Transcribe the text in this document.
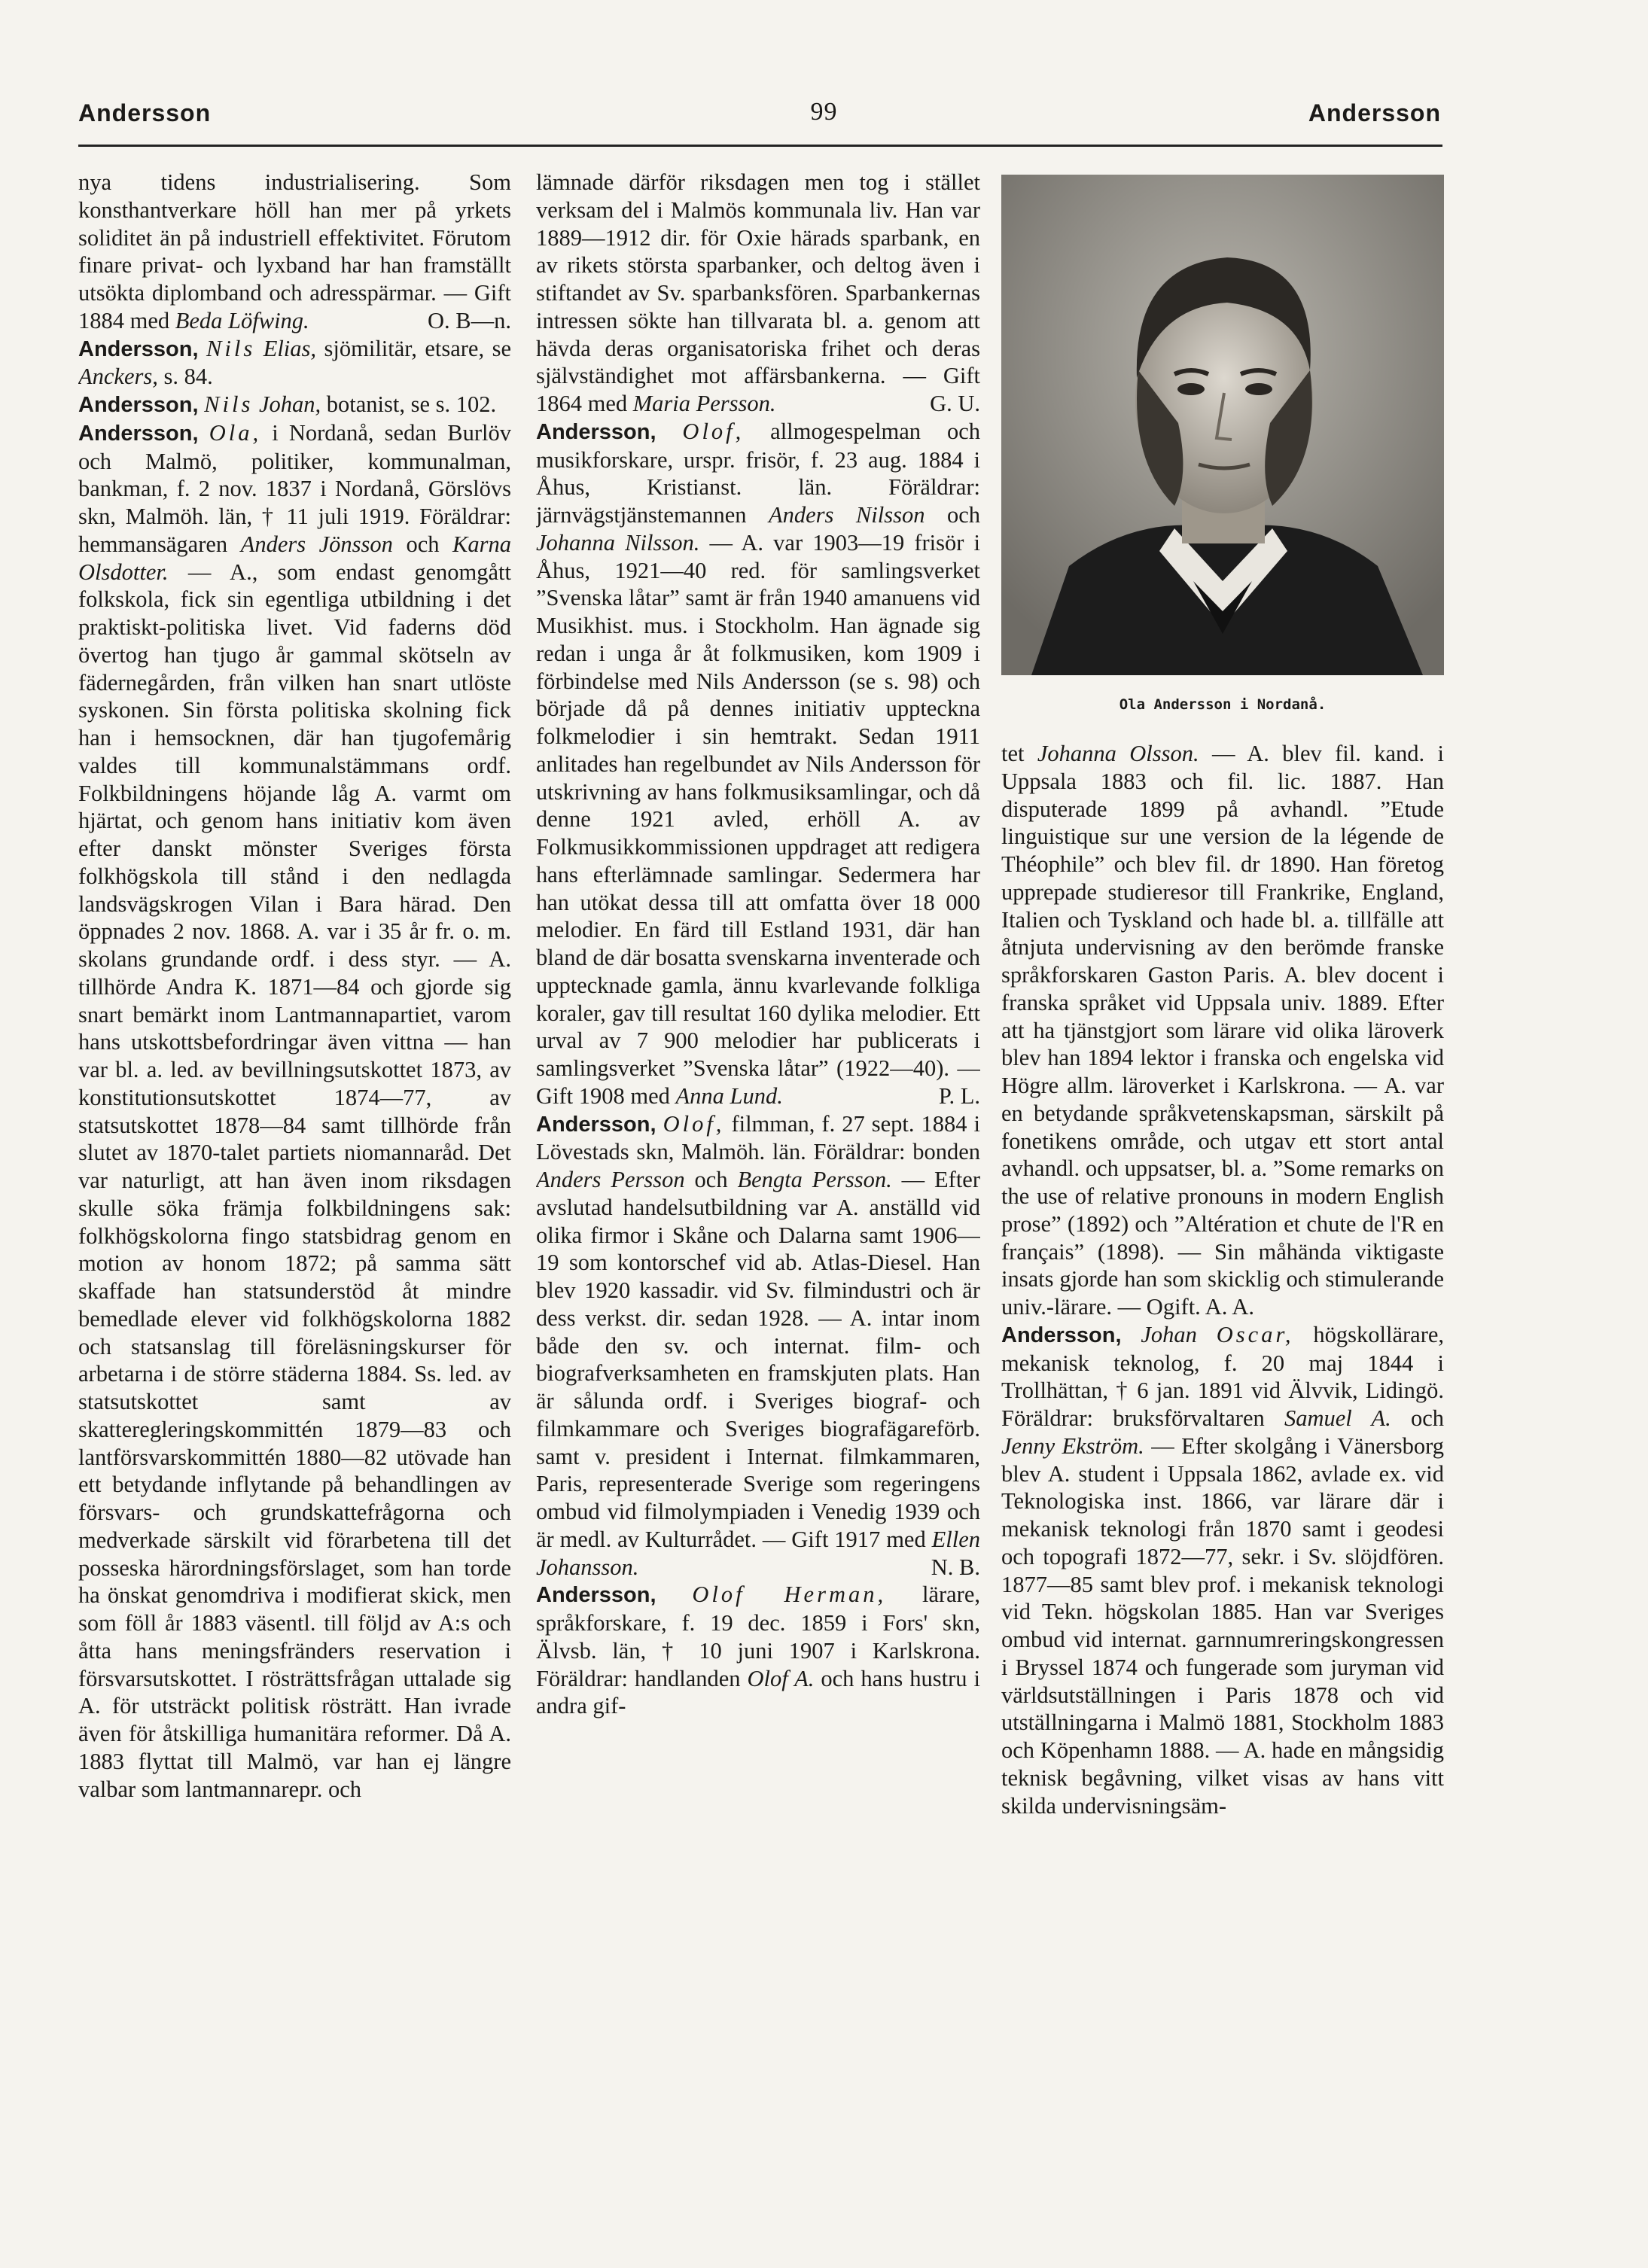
Andersson	99	Andersson

nya tidens industrialisering. Som konsthantverkare höll han mer på yrkets soliditet än på industriell effektivitet. Förutom finare privat- och lyxband har han framställt utsökta diplomband och adresspärmar. — Gift 1884 med Beda Löfwing.	O. B—n.

Andersson, Nils Elias, sjömilitär, etsare, se Anckers, s. 84.

Andersson, Nils Johan, botanist, se s. 102.

Andersson, Ola, i Nordanå, sedan Burlöv och Malmö, politiker, kommunalman, bankman, f. 2 nov. 1837 i Nordanå, Görslövs skn, Malmöh. län, † 11 juli 1919. Föräldrar: hemmansägaren Anders Jönsson och Karna Olsdotter. — A., som endast genomgått folkskola, fick sin egentliga utbildning i det praktiskt-politiska livet. Vid faderns död övertog han tjugo år gammal skötseln av fädernegården, från vilken han snart utlöste syskonen. Sin första politiska skolning fick han i hemsocknen, där han tjugofemårig valdes till kommunalstämmans ordf. Folkbildningens höjande låg A. varmt om hjärtat, och genom hans initiativ kom även efter danskt mönster Sveriges första folkhögskola till stånd i den nedlagda landsvägskrogen Vilan i Bara härad. Den öppnades 2 nov. 1868. A. var i 35 år fr. o. m. skolans grundande ordf. i dess styr. — A. tillhörde Andra K. 1871—84 och gjorde sig snart bemärkt inom Lantmannapartiet, varom hans utskottsbefordringar även vittna — han var bl. a. led. av bevillningsutskottet 1873, av konstitutionsutskottet 1874—77, av statsutskottet 1878—84 samt tillhörde från slutet av 1870-talet partiets niomannaråd. Det var naturligt, att han även inom riksdagen skulle söka främja folkbildningens sak: folkhögskolorna fingo statsbidrag genom en motion av honom 1872; på samma sätt skaffade han statsunderstöd åt mindre bemedlade elever vid folkhögskolorna 1882 och statsanslag till föreläsningskurser för arbetarna i de större städerna 1884. Ss. led. av statsutskottet samt av skatteregleringskommittén 1879—83 och lantförsvarskommittén 1880—82 utövade han ett betydande inflytande på behandlingen av försvars- och grundskattefrågorna och medverkade särskilt vid förarbetena till det posseska härordningsförslaget, som han torde ha önskat genomdriva i modifierat skick, men som föll år 1883 väsentl. till följd av A:s och åtta hans meningsfränders reservation i försvarsutskottet. I rösträttsfrågan uttalade sig A. för utsträckt politisk rösträtt. Han ivrade även för åtskilliga humanitära reformer. Då A. 1883 flyttat till Malmö, var han ej längre valbar som lantmannarepr. och

lämnade därför riksdagen men tog i stället verksam del i Malmös kommunala liv. Han var 1889—1912 dir. för Oxie härads sparbank, en av rikets största sparbanker, och deltog även i stiftandet av Sv. sparbanksfören. Sparbankernas intressen sökte han tillvarata bl. a. genom att hävda deras organisatoriska frihet och deras självständighet mot affärsbankerna. — Gift 1864 med Maria Persson.	G. U.

Andersson, Olof, allmogespelman och musikforskare, urspr. frisör, f. 23 aug. 1884 i Åhus, Kristianst. län. Föräldrar: järnvägstjänstemannen Anders Nilsson och Johanna Nilsson. — A. var 1903—19 frisör i Åhus, 1921—40 red. för samlingsverket ”Svenska låtar” samt är från 1940 amanuens vid Musikhist. mus. i Stockholm. Han ägnade sig redan i unga år åt folkmusiken, kom 1909 i förbindelse med Nils Andersson (se s. 98) och började då på dennes initiativ uppteckna folkmelodier i sin hemtrakt. Sedan 1911 anlitades han regelbundet av Nils Andersson för utskrivning av hans folkmusiksamlingar, och då denne 1921 avled, erhöll A. av Folkmusikkommissionen uppdraget att redigera hans efterlämnade samlingar. Sedermera har han utökat dessa till att omfatta över 18 000 melodier. En färd till Estland 1931, där han bland de där bosatta svenskarna inventerade och upptecknade gamla, ännu kvarlevande folkliga koraler, gav till resultat 160 dylika melodier. Ett urval av 7 900 melodier har publicerats i samlingsverket ”Svenska låtar” (1922—40). — Gift 1908 med Anna Lund.	P. L.

Andersson, Olof, filmman, f. 27 sept. 1884 i Lövestads skn, Malmöh. län. Föräldrar: bonden Anders Persson och Bengta Persson. — Efter avslutad handelsutbildning var A. anställd vid olika firmor i Skåne och Dalarna samt 1906—19 som kontorschef vid ab. Atlas-Diesel. Han blev 1920 kassadir. vid Sv. filmindustri och är dess verkst. dir. sedan 1928. — A. intar inom både den sv. och internat. film- och biografverksamheten en framskjuten plats. Han är sålunda ordf. i Sveriges biograf- och filmkammare och Sveriges biografägareförb. samt v. president i Internat. filmkammaren, Paris, representerade Sverige som regeringens ombud vid filmolympiaden i Venedig 1939 och är medl. av Kulturrådet. — Gift 1917 med Ellen Johansson.	N. B.

Andersson, Olof Herman, lärare, språkforskare, f. 19 dec. 1859 i Fors' skn, Älvsb. län, † 10 juni 1907 i Karlskrona. Föräldrar: handlanden Olof A. och hans hustru i andra gif-

Ola Andersson i Nordanå.

tet Johanna Olsson. — A. blev fil. kand. i Uppsala 1883 och fil. lic. 1887. Han disputerade 1899 på avhandl. ”Etude linguistique sur une version de la légende de Théophile” och blev fil. dr 1890. Han företog upprepade studieresor till Frankrike, England, Italien och Tyskland och hade bl. a. tillfälle att åtnjuta undervisning av den berömde franske språkforskaren Gaston Paris. A. blev docent i franska språket vid Uppsala univ. 1889. Efter att ha tjänstgjort som lärare vid olika läroverk blev han 1894 lektor i franska och engelska vid Högre allm. läroverket i Karlskrona. — A. var en betydande språkvetenskapsman, särskilt på fonetikens område, och utgav ett stort antal avhandl. och uppsatser, bl. a. ”Some remarks on the use of relative pronouns in modern English prose” (1892) och ”Altération et chute de l'R en français” (1898). — Sin måhända viktigaste insats gjorde han som skicklig och stimulerande univ.-lärare. — Ogift. A. A.

Andersson, Johan Oscar, högskollärare, mekanisk teknolog, f. 20 maj 1844 i Trollhättan, † 6 jan. 1891 vid Älvvik, Lidingö. Föräldrar: bruksförvaltaren Samuel A. och Jenny Ekström. — Efter skolgång i Vänersborg blev A. student i Uppsala 1862, avlade ex. vid Teknologiska inst. 1866, var lärare där i mekanisk teknologi från 1870 samt i geodesi och topografi 1872—77, sekr. i Sv. slöjdfören. 1877—85 samt blev prof. i mekanisk teknologi vid Tekn. högskolan 1885. Han var Sveriges ombud vid internat. garnnumreringskongressen i Bryssel 1874 och fungerade som juryman vid världsutställningen i Paris 1878 och vid utställningarna i Malmö 1881, Stockholm 1883 och Köpenhamn 1888. — A. hade en mångsidig teknisk begåvning, vilket visas av hans vitt skilda undervisningsäm-
